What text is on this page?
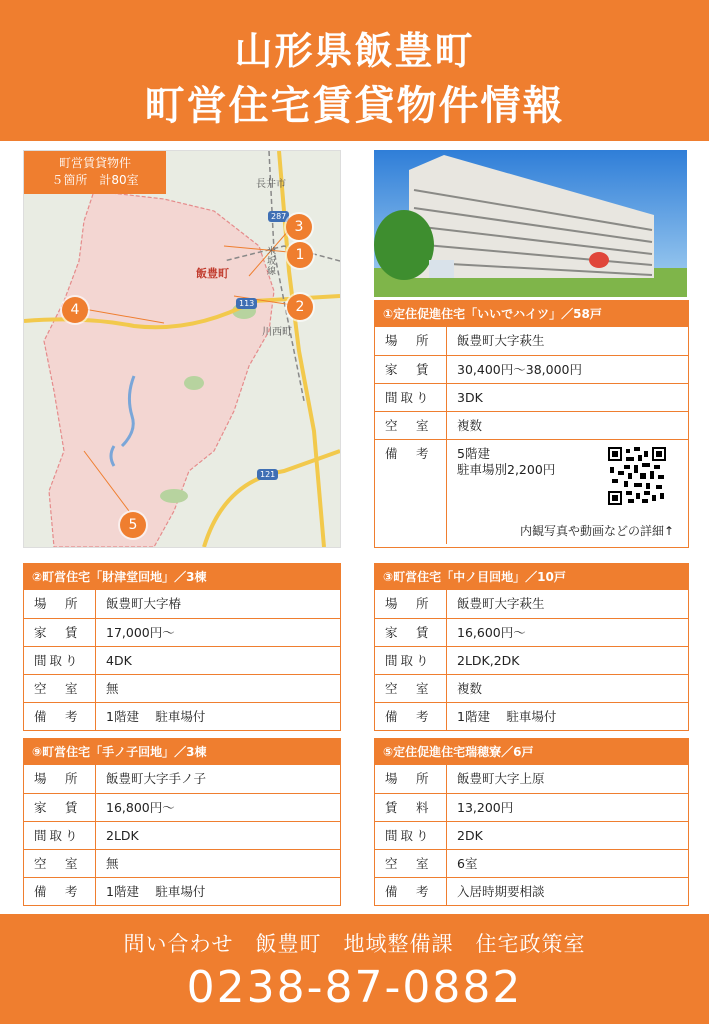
山形県飯豊町
町営住宅賃貸物件情報
町営賃貸物件
５箇所　計80室	長井市
飯豊町
川西町
米坂線
287
113
121
1
2
3
4
5
①定住促進住宅「いいでハイツ」／58戸
場　所	飯豊町大字萩生
家　賃	30,400円～38,000円
間取り	3DK
空　室	複数
備　考	5階建
駐車場別2,200円
内観写真や動画などの詳細↑
②町営住宅「財津堂回地」／3棟
場　所	飯豊町大字椿
家　賃	17,000円～
間取り	4DK
空　室	無
備　考	1階建　 駐車場付
③町営住宅「中ノ目回地」／10戸
場　所	飯豊町大字萩生
家　賃	16,600円～
間取り	2LDK,2DK
空　室	複数
備　考	1階建　 駐車場付
⑨町営住宅「手ノ子回地」／3棟
場　所	飯豊町大字手ノ子
家　賃	16,800円～
間取り	2LDK
空　室	無
備　考	1階建　 駐車場付
⑤定住促進住宅瑞穂寮／6戸
場　所	飯豊町大字上原
賃　料	13,200円
間取り	2DK
空　室	6室
備　考	入居時期要相談
問い合わせ　飯豊町　地域整備課　住宅政策室
0238-87-0882
